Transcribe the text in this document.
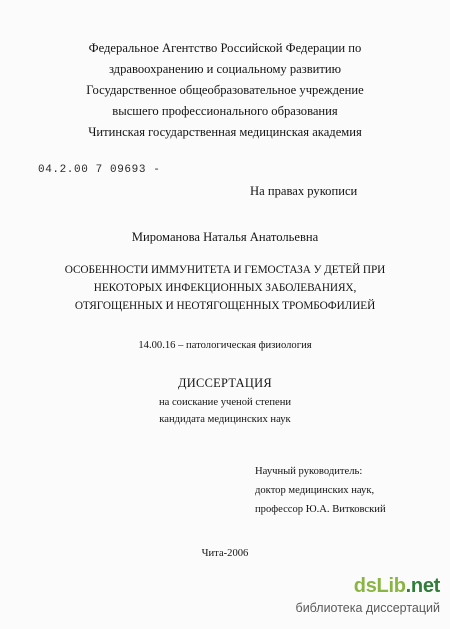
Федеральное Агентство Российской Федерации по
здравоохранению и социальному развитию
Государственное общеобразовательное учреждение
высшего профессионального образования
Читинская государственная медицинская академия
04.2.00 7 09693 -
На правах рукописи
Мироманова Наталья Анатольевна
ОСОБЕННОСТИ ИММУНИТЕТА И ГЕМОСТАЗА У ДЕТЕЙ ПРИ
НЕКОТОРЫХ ИНФЕКЦИОННЫХ ЗАБОЛЕВАНИЯХ,
ОТЯГОЩЕННЫХ И НЕОТЯГОЩЕННЫХ ТРОМБОФИЛИЕЙ
14.00.16 – патологическая физиология
ДИССЕРТАЦИЯ
на соискание ученой степени
кандидата медицинских наук
Научный руководитель:
доктор медицинских наук,
профессор Ю.А. Витковский
Чита-2006
dsLib.net
библиотека диссертаций
